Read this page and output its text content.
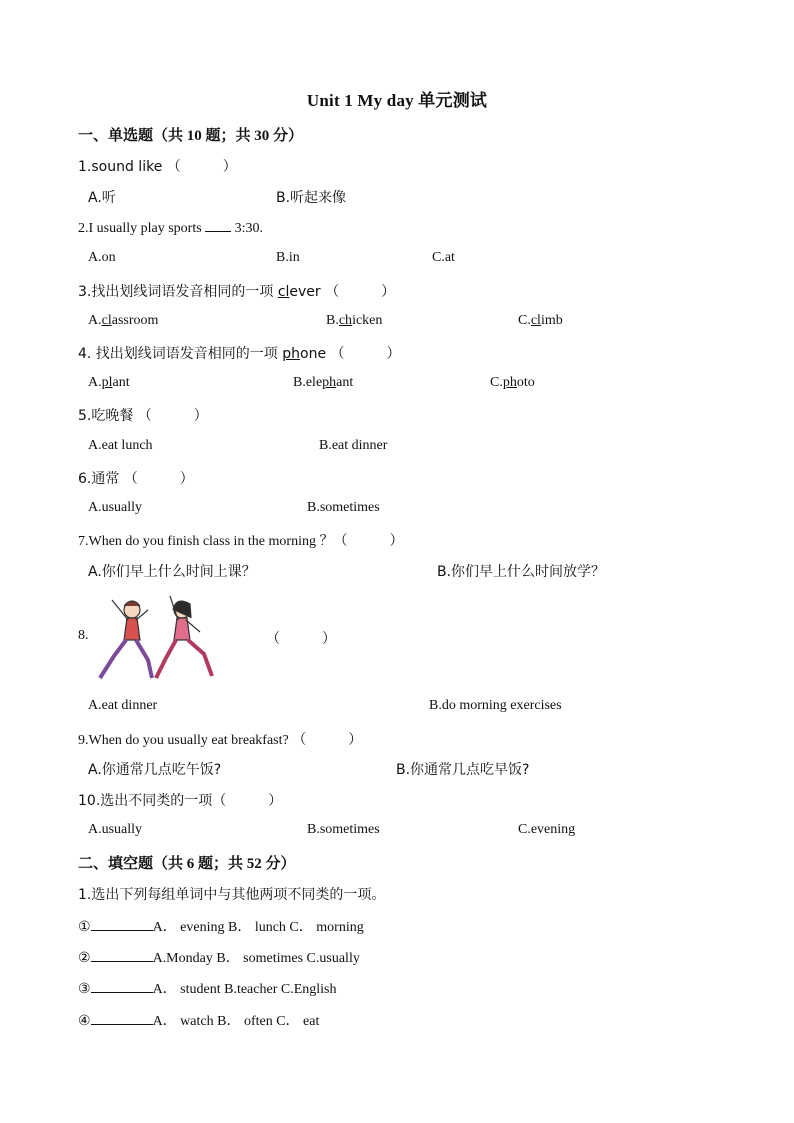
Unit 1 My day 单元测试
一、单选题（共 10 题；共 30 分）
1.sound like （　　　）
A.听	B.听起来像
2.I usually play sports  3:30.
A.on	B.in	C.at
3.找出划线词语发音相同的一项 clever （　　　）
A.classroom	B.chicken	C.climb
4. 找出划线词语发音相同的一项 phone （　　　）
A.plant	B.elephant	C.photo
5.吃晚餐 （　　　）
A.eat lunch	B.eat dinner
6.通常 （　　　）
A.usually	B.sometimes
7.When do you finish class in the morning ？（　　　）
A.你们早上什么时间上课？	B.你们早上什么时间放学？
8.	（　　　）
A.eat dinner	B.do morning exercises
9.When do you usually eat breakfast? （　　　）
A.你通常几点吃午饭?	B.你通常几点吃早饭?
10.选出不同类的一项（　　　）
A.usually	B.sometimes	C.evening
二、填空题（共 6 题；共 52 分）
1.选出下列每组单词中与其他两项不同类的一项。
①	A． evening B． lunch C． morning
②	A.Monday B． sometimes C.usually
③	A． student B.teacher C.English
④	A． watch B． often C． eat
